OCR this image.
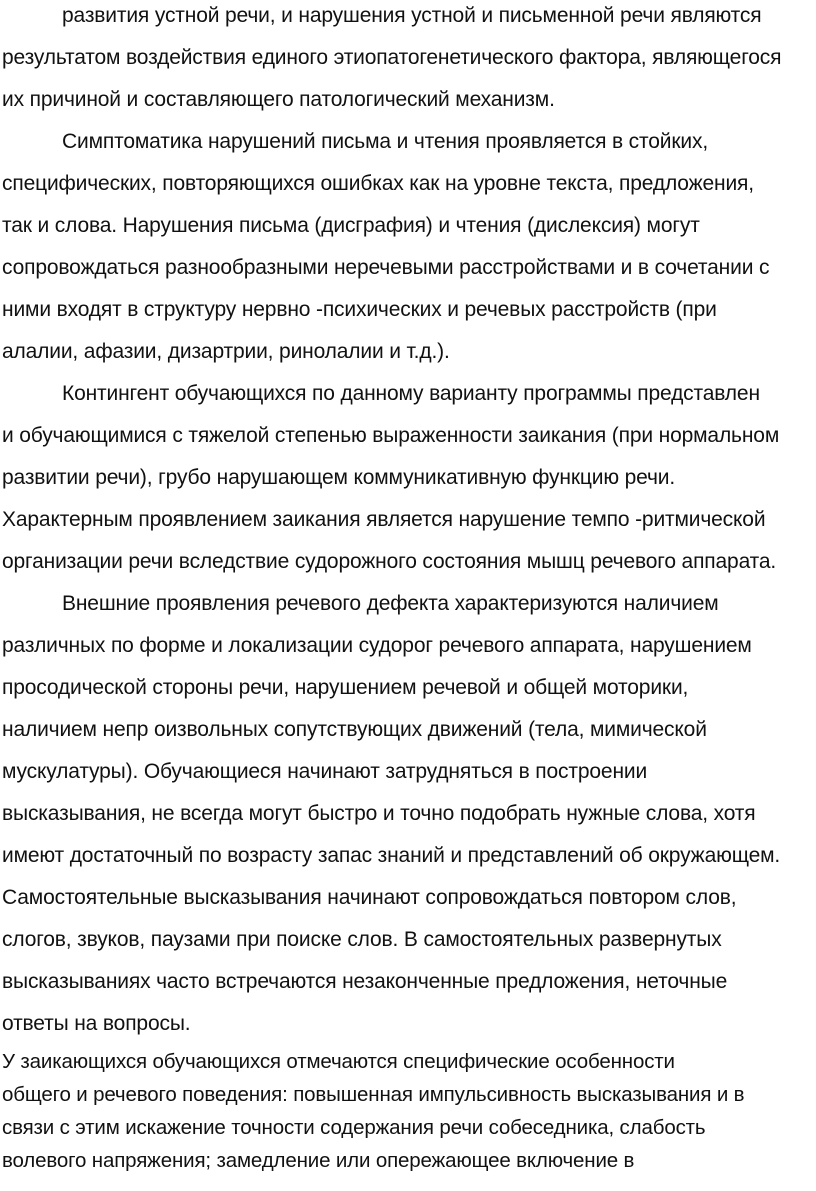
развития устной речи, и нарушения устной и письменной речи являются
результатом воздействия единого этиопатогенетического фактора, являющегося
их причиной и составляющего патологический механизм.
Симптоматика нарушений письма и чтения проявляется в стойких,
специфических, повторяющихся ошибках как на уровне текста, предложения,
так и слова. Нарушения письма (дисграфия) и чтения (дислексия) могут
сопровождаться разнообразными неречевыми расстройствами и в сочетании с
ними входят в структуру нервно -психических и речевых расстройств (при
алалии, афазии, дизартрии, ринолалии и т.д.).
Контингент обучающихся по данному варианту программы представлен
и обучающимися с тяжелой степенью выраженности заикания (при нормальном
развитии речи), грубо нарушающем коммуникативную функцию речи.
Характерным проявлением заикания является нарушение темпо -ритмической
организации речи вследствие судорожного состояния мышц речевого аппарата.
Внешние проявления речевого дефекта характеризуются наличием
различных по форме и локализации судорог речевого аппарата, нарушением
просодической стороны речи, нарушением речевой и общей моторики,
наличием непр оизвольных сопутствующих движений (тела, мимической
мускулатуры). Обучающиеся начинают затрудняться в построении
высказывания, не всегда могут быстро и точно подобрать нужные слова, хотя
имеют достаточный по возрасту запас знаний и представлений об окружающем.
Самостоятельные высказывания начинают сопровождаться повтором слов,
слогов, звуков, паузами при поиске слов. В самостоятельных развернутых
высказываниях часто встречаются незаконченные предложения, неточные
ответы на вопросы.
У заикающихся обучающихся отмечаются специфические особенности
общего и речевого поведения: повышенная импульсивность высказывания и в
связи с этим искажение точности содержания речи собеседника, слабость
волевого напряжения; замедление или опережающее включение в
